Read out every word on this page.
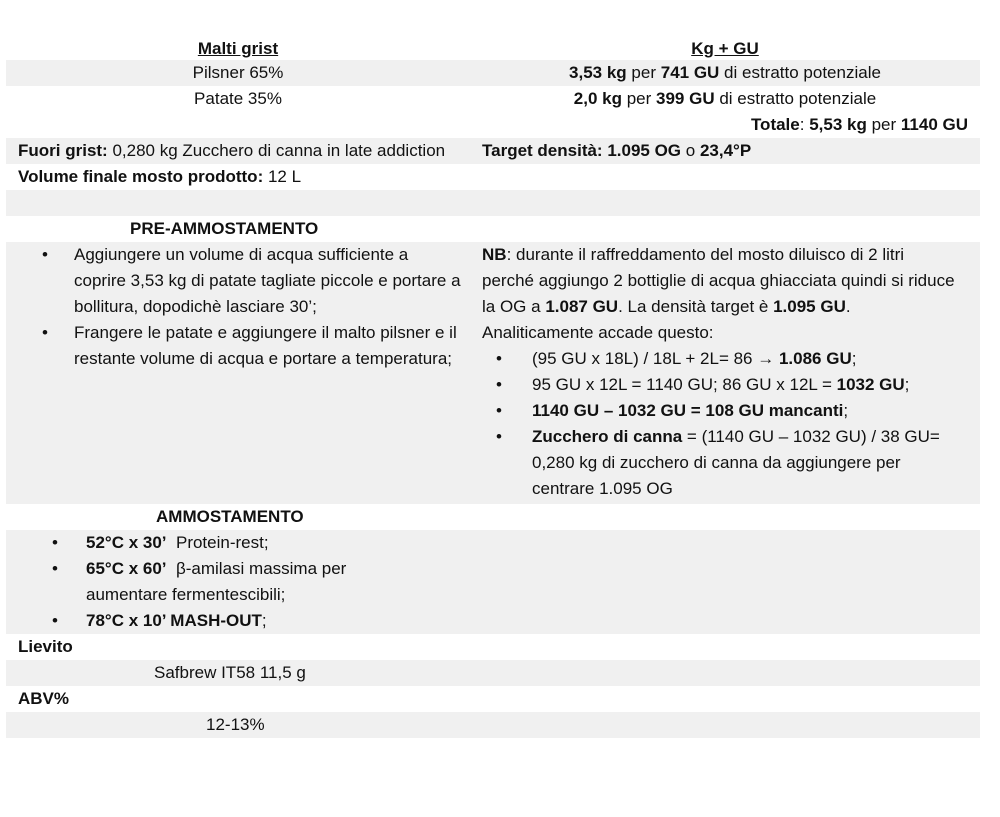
Malti grist	Kg + GU
Pilsner 65%	3,53 kg per 741 GU di estratto potenziale
Patate 35%	2,0 kg per 399 GU di estratto potenziale
Totale: 5,53 kg per 1140 GU
Fuori grist: 0,280 kg Zucchero di canna in late addiction	Target densità: 1.095 OG o 23,4°P
Volume finale mosto prodotto: 12 L
PRE-AMMOSTAMENTO
• Aggiungere un volume di acqua sufficiente a coprire 3,53 kg di patate tagliate piccole e portare a bollitura, dopodichè lasciare 30’;
• Frangere le patate e aggiungere il malto pilsner e il restante volume di acqua e portare a temperatura;
NB: durante il raffreddamento del mosto diluisco di 2 litri perché aggiungo 2 bottiglie di acqua ghiacciata quindi si riduce la OG a 1.087 GU. La densità target è 1.095 GU.
Analiticamente accade questo:
• (95 GU x 18L) / 18L + 2L= 86 → 1.086 GU;
• 95 GU x 12L = 1140 GU; 86 GU x 12L = 1032 GU;
• 1140 GU – 1032 GU = 108 GU mancanti;
• Zucchero di canna = (1140 GU – 1032 GU) / 38 GU= 0,280 kg di zucchero di canna da aggiungere per centrare 1.095 OG
AMMOSTAMENTO
• 52°C x 30’  Protein-rest;
• 65°C x 60’  β-amilasi massima per aumentare fermentescibili;
• 78°C x 10’ MASH-OUT;
Lievito
Safbrew IT58 11,5 g
ABV%
12-13%
